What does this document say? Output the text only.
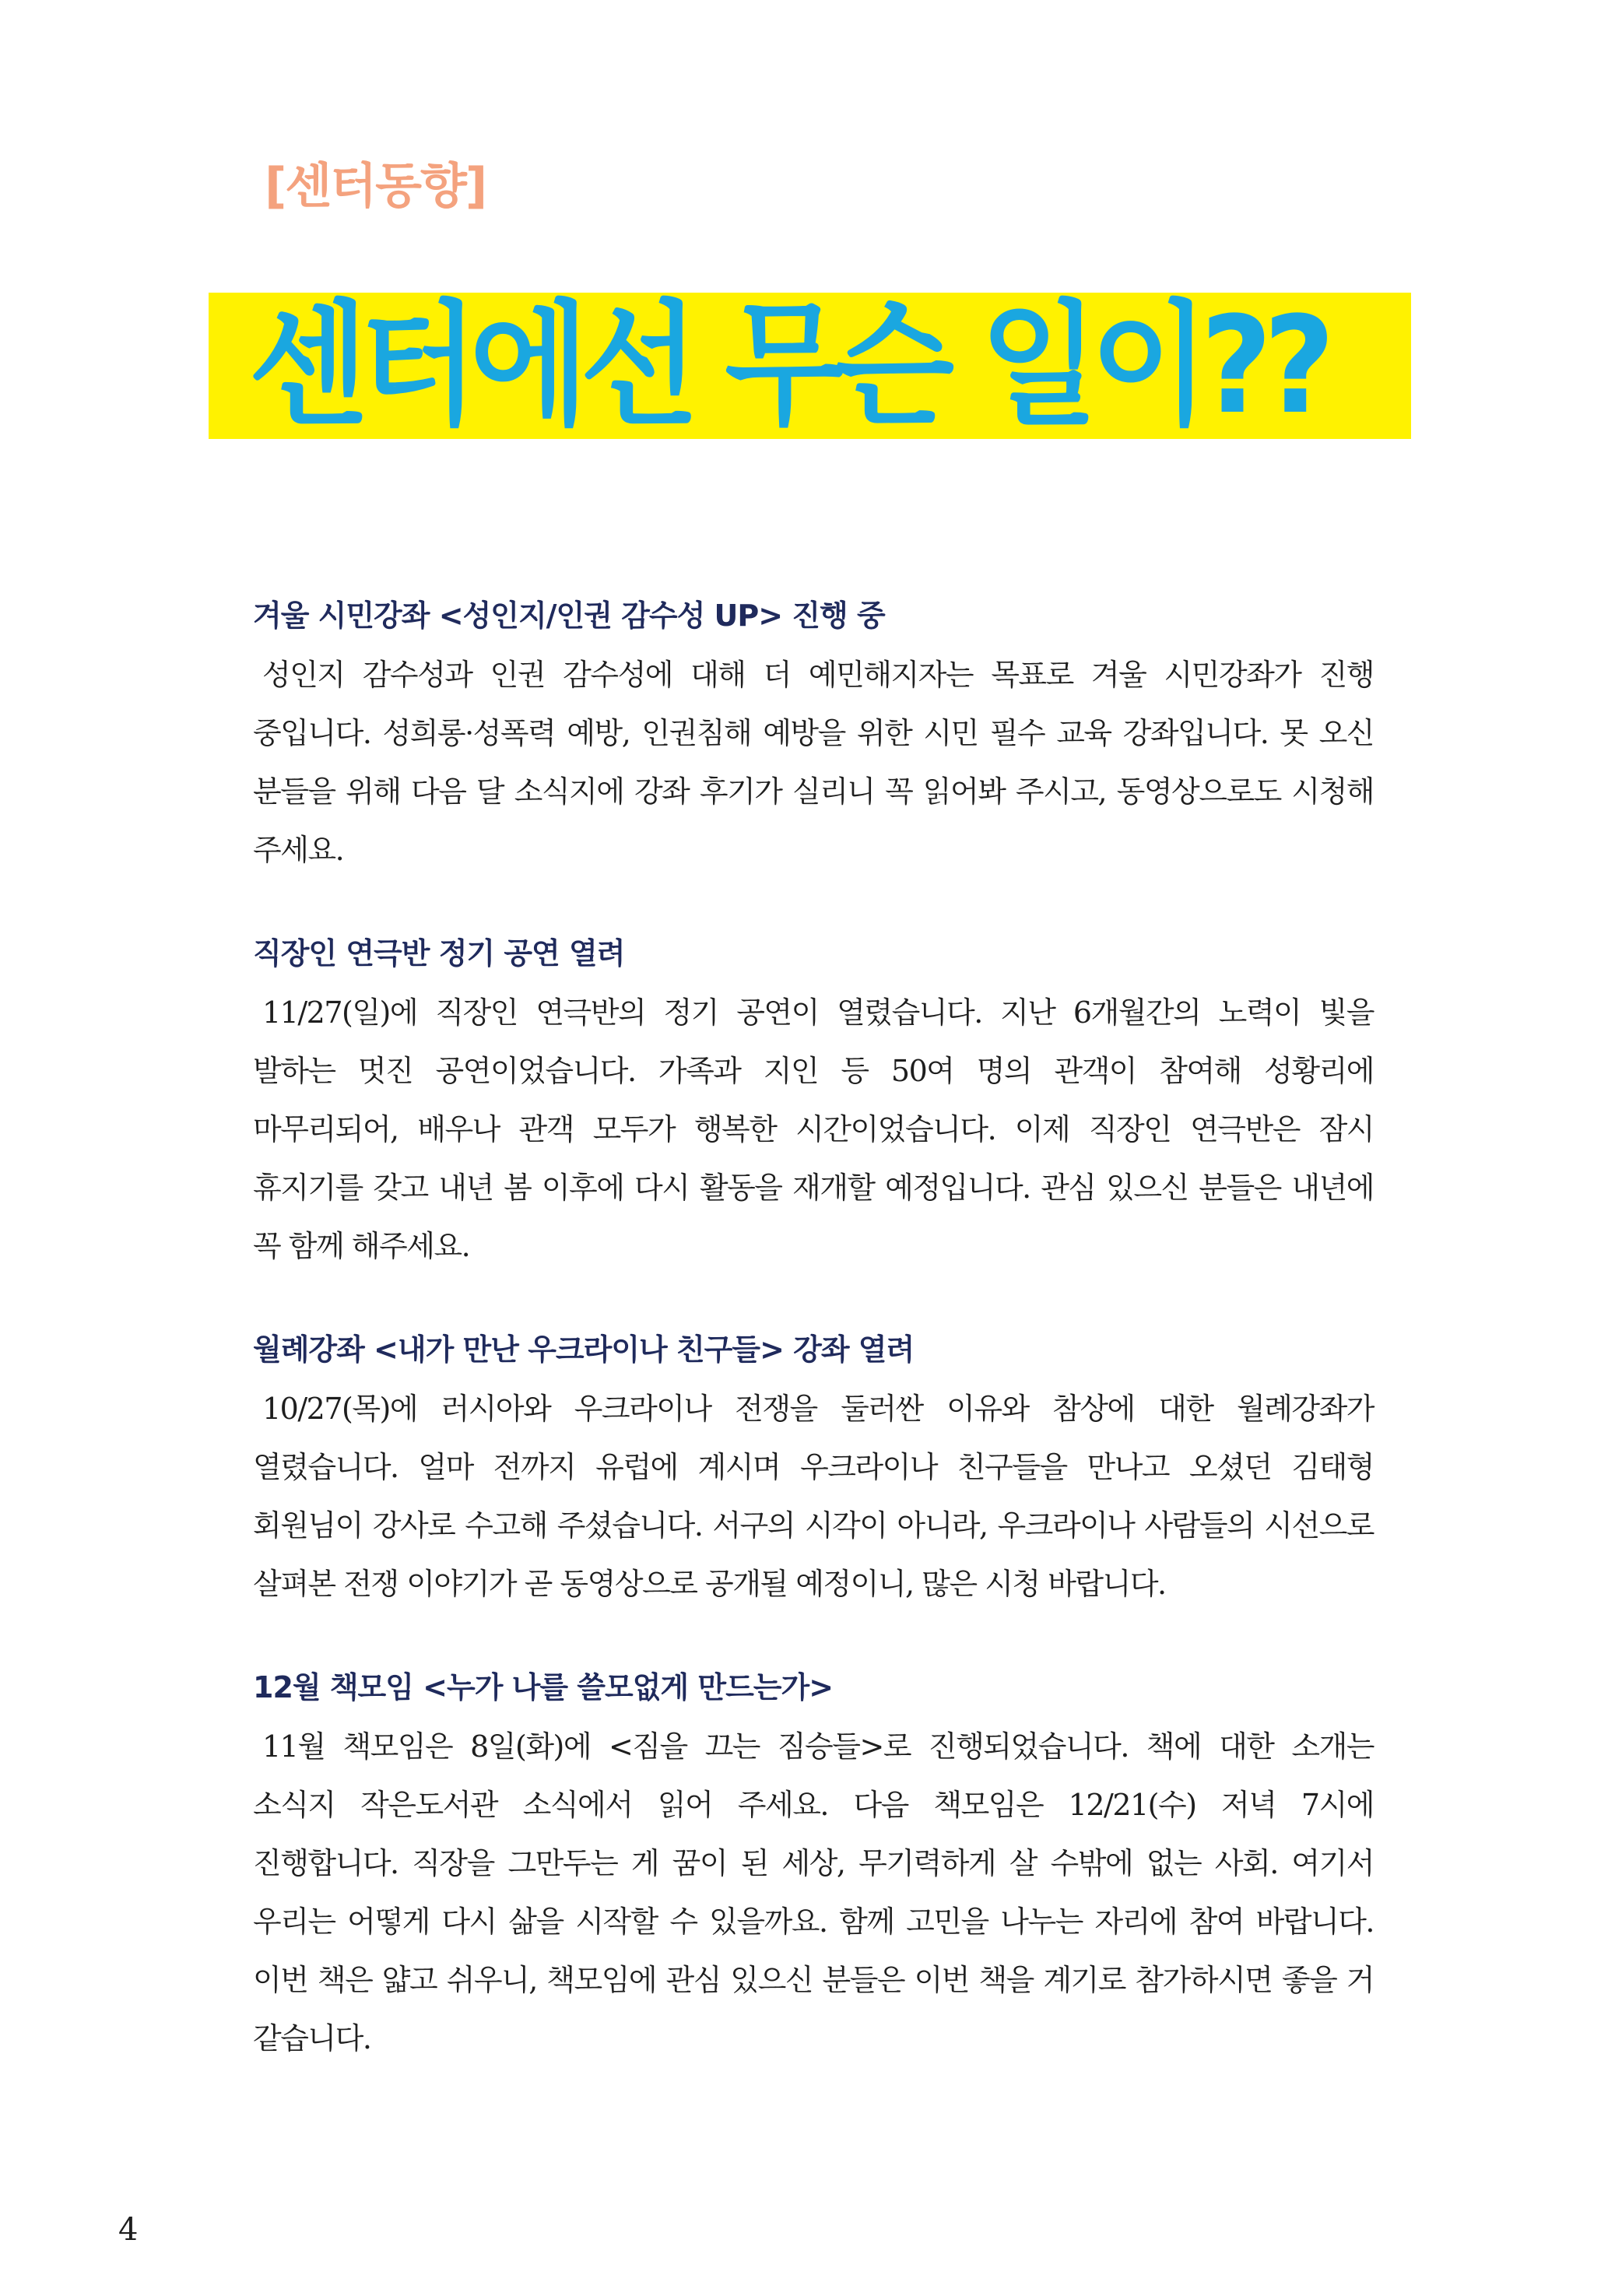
[센터동향]
센터에선 무슨 일이??
겨울 시민강좌 <성인지/인권 감수성 UP> 진행 중

성인지 감수성과 인권 감수성에 대해 더 예민해지자는 목표로 겨울 시민강좌가 진행 중입니다. 성희롱·성폭력 예방, 인권침해 예방을 위한 시민 필수 교육 강좌입니다. 못 오신 분들을 위해 다음 달 소식지에 강좌 후기가 실리니 꼭 읽어봐 주시고, 동영상으로도 시청해 주세요.

직장인 연극반 정기 공연 열려

11/27(일)에 직장인 연극반의 정기 공연이 열렸습니다. 지난 6개월간의 노력이 빛을 발하는 멋진 공연이었습니다. 가족과 지인 등 50여 명의 관객이 참여해 성황리에 마무리되어, 배우나 관객 모두가 행복한 시간이었습니다. 이제 직장인 연극반은 잠시 휴지기를 갖고 내년 봄 이후에 다시 활동을 재개할 예정입니다. 관심 있으신 분들은 내년에 꼭 함께 해주세요.

월례강좌 <내가 만난 우크라이나 친구들> 강좌 열려

10/27(목)에 러시아와 우크라이나 전쟁을 둘러싼 이유와 참상에 대한 월례강좌가 열렸습니다. 얼마 전까지 유럽에 계시며 우크라이나 친구들을 만나고 오셨던 김태형 회원님이 강사로 수고해 주셨습니다. 서구의 시각이 아니라, 우크라이나 사람들의 시선으로 살펴본 전쟁 이야기가 곧 동영상으로 공개될 예정이니, 많은 시청 바랍니다.

12월 책모임 <누가 나를 쓸모없게 만드는가>

11월 책모임은 8일(화)에 <짐을 끄는 짐승들>로 진행되었습니다. 책에 대한 소개는 소식지 작은도서관 소식에서 읽어 주세요. 다음 책모임은 12/21(수) 저녁 7시에 진행합니다. 직장을 그만두는 게 꿈이 된 세상, 무기력하게 살 수밖에 없는 사회. 여기서 우리는 어떻게 다시 삶을 시작할 수 있을까요. 함께 고민을 나누는 자리에 참여 바랍니다. 이번 책은 얇고 쉬우니, 책모임에 관심 있으신 분들은 이번 책을 계기로 참가하시면 좋을 거 같습니다.

4
